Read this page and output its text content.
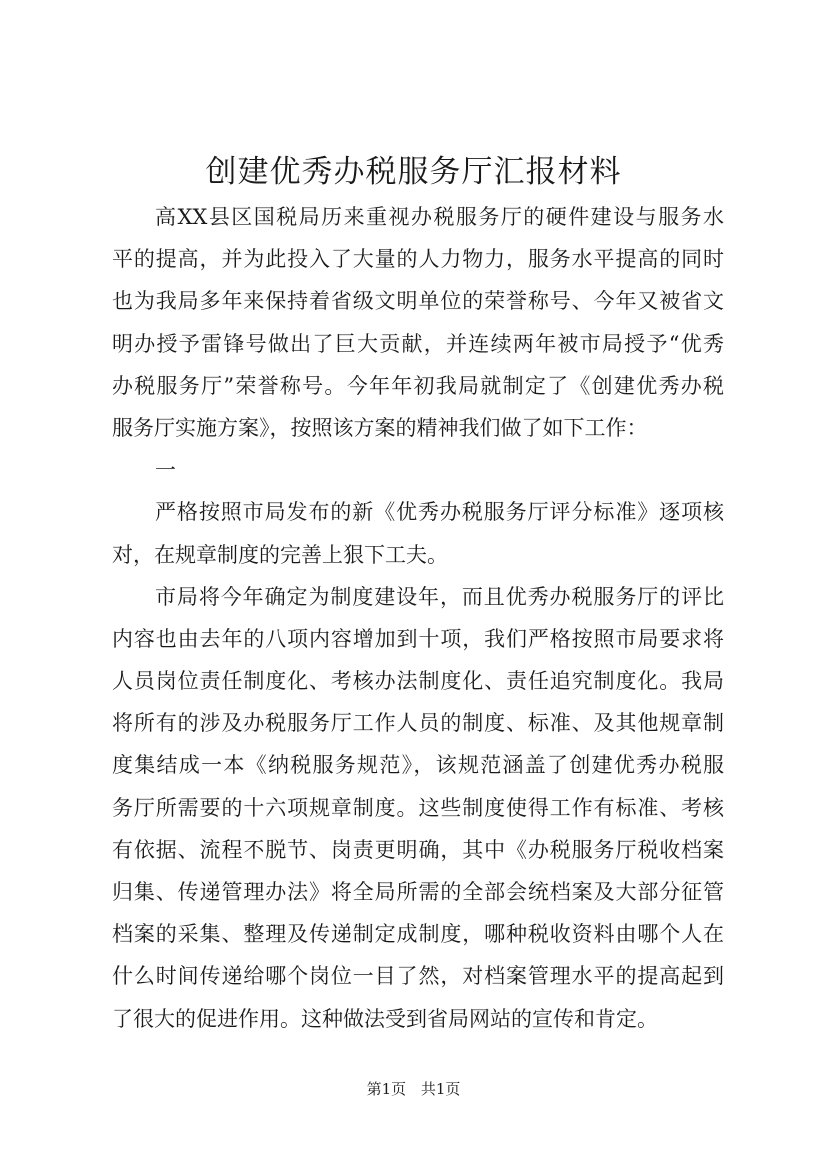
创建优秀办税服务厅汇报材料
高XX县区国税局历来重视办税服务厅的硬件建设与服务水
平的提高，并为此投入了大量的人力物力，服务水平提高的同时
也为我局多年来保持着省级文明单位的荣誉称号、今年又被省文
明办授予雷锋号做出了巨大贡献，并连续两年被市局授予“优秀
办税服务厅”荣誉称号。今年年初我局就制定了《创建优秀办税
服务厅实施方案》，按照该方案的精神我们做了如下工作：
一
严格按照市局发布的新《优秀办税服务厅评分标准》逐项核
对，在规章制度的完善上狠下工夫。
市局将今年确定为制度建设年，而且优秀办税服务厅的评比
内容也由去年的八项内容增加到十项，我们严格按照市局要求将
人员岗位责任制度化、考核办法制度化、责任追究制度化。我局
将所有的涉及办税服务厅工作人员的制度、标准、及其他规章制
度集结成一本《纳税服务规范》，该规范涵盖了创建优秀办税服
务厅所需要的十六项规章制度。这些制度使得工作有标准、考核
有依据、流程不脱节、岗责更明确，其中《办税服务厅税收档案
归集、传递管理办法》将全局所需的全部会统档案及大部分征管
档案的采集、整理及传递制定成制度，哪种税收资料由哪个人在
什么时间传递给哪个岗位一目了然，对档案管理水平的提高起到
了很大的促进作用。这种做法受到省局网站的宣传和肯定。
第1页 共1页
